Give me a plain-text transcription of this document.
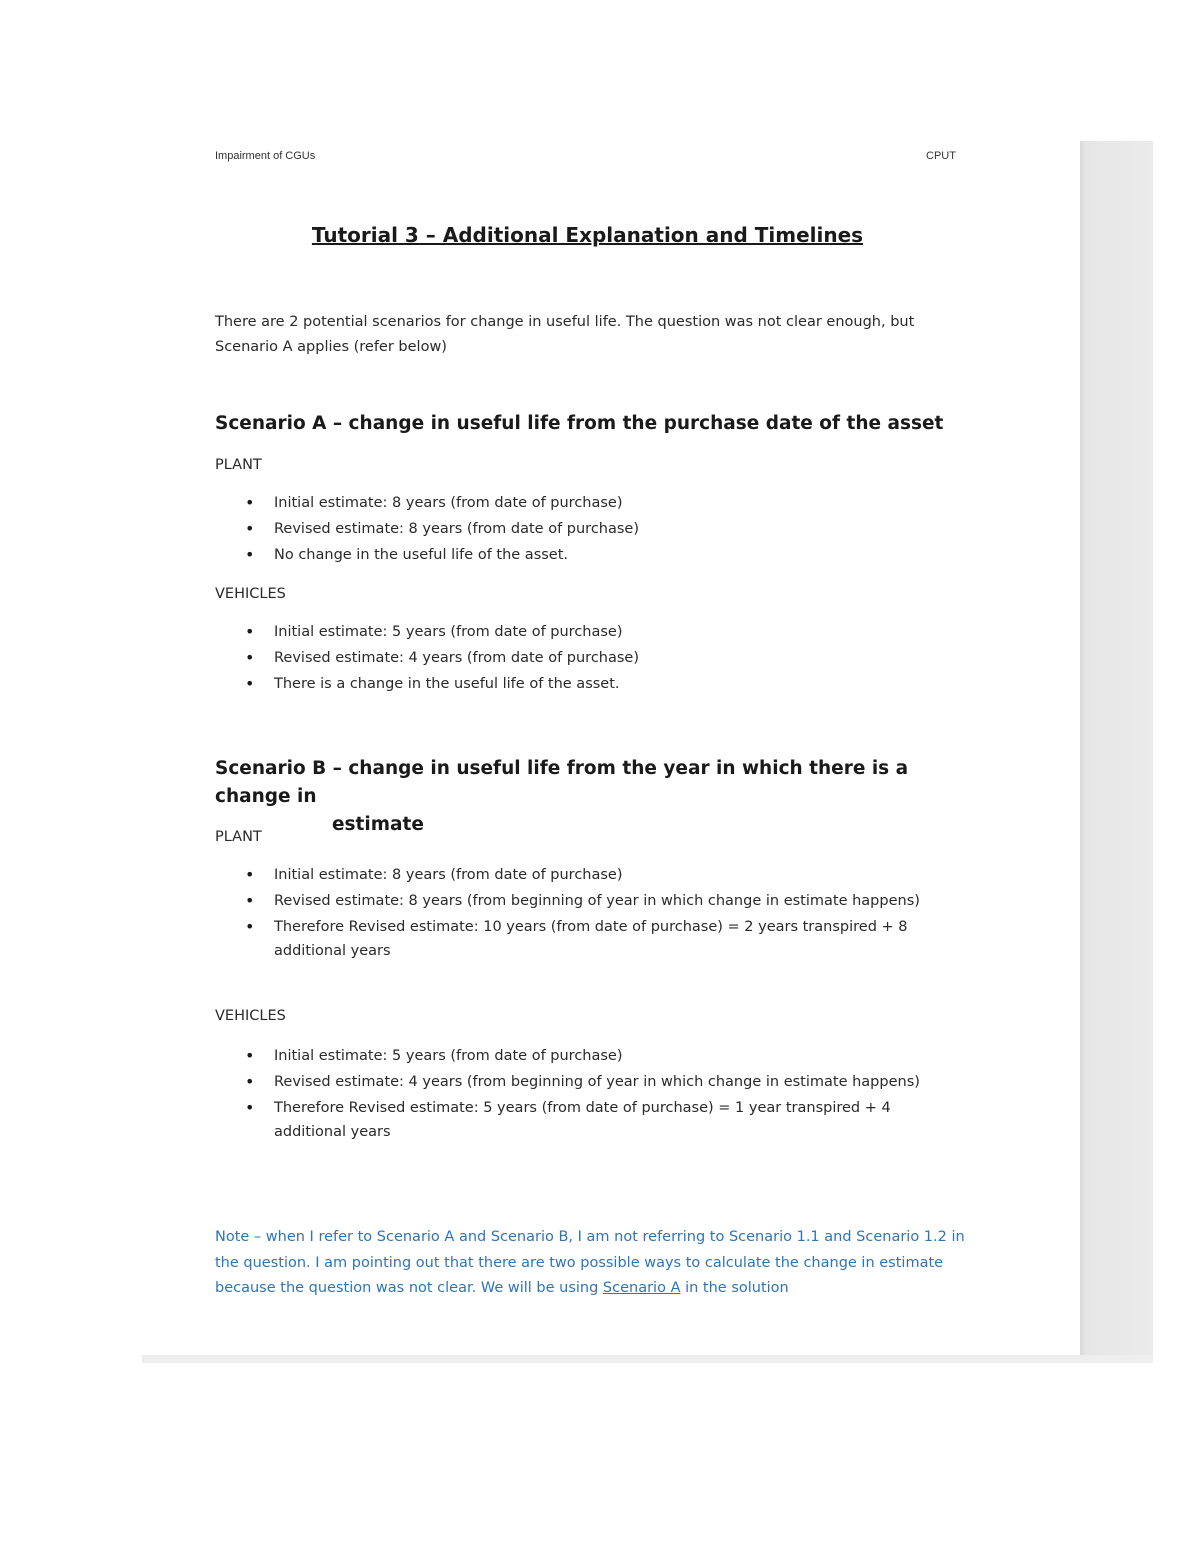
Impairment of CGUs	CPUT
Tutorial 3 – Additional Explanation and Timelines
There are 2 potential scenarios for change in useful life. The question was not clear enough, but Scenario A applies (refer below)
Scenario A – change in useful life from the purchase date of the asset
PLANT
• Initial estimate: 8 years (from date of purchase)
• Revised estimate: 8 years (from date of purchase)
• No change in the useful life of the asset.
VEHICLES
• Initial estimate: 5 years (from date of purchase)
• Revised estimate: 4 years (from date of purchase)
• There is a change in the useful life of the asset.
Scenario B – change in useful life from the year in which there is a change in
estimate
PLANT
• Initial estimate: 8 years (from date of purchase)
• Revised estimate: 8 years (from beginning of year in which change in estimate happens)
• Therefore Revised estimate: 10 years (from date of purchase) = 2 years transpired + 8 additional years
VEHICLES
• Initial estimate: 5 years (from date of purchase)
• Revised estimate: 4 years (from beginning of year in which change in estimate happens)
• Therefore Revised estimate: 5 years (from date of purchase) = 1 year transpired + 4 additional years
Note – when I refer to Scenario A and Scenario B, I am not referring to Scenario 1.1 and Scenario 1.2 in the question. I am pointing out that there are two possible ways to calculate the change in estimate because the question was not clear. We will be using Scenario A in the solution
